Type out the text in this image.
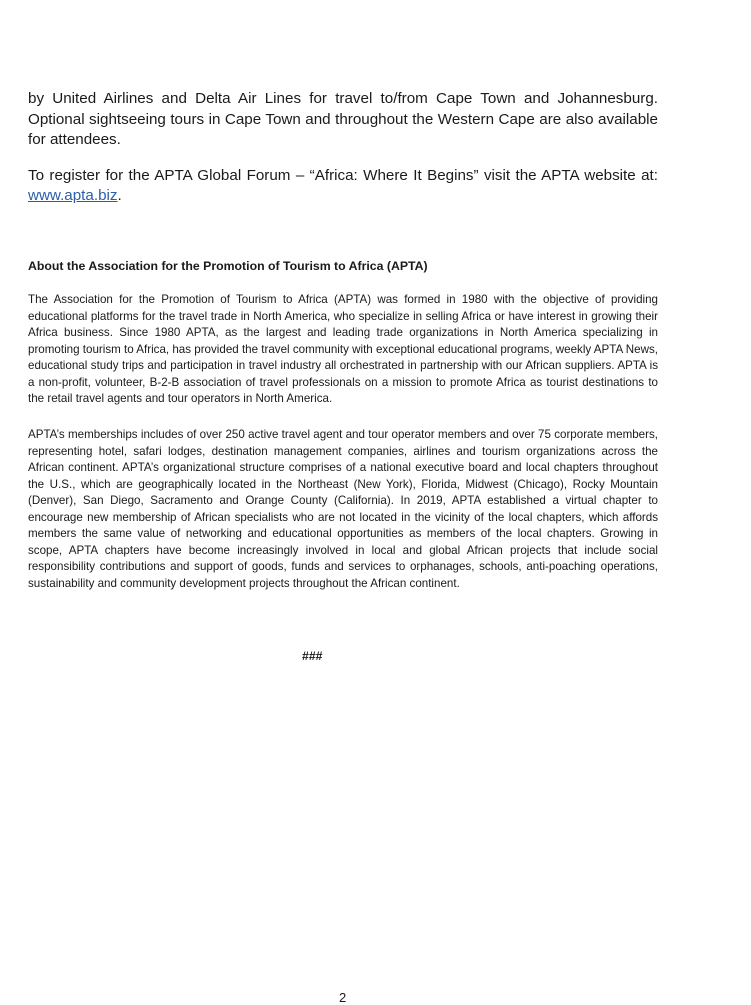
by United Airlines and Delta Air Lines for travel to/from Cape Town and Johannesburg. Optional sightseeing tours in Cape Town and throughout the Western Cape are also available for attendees.

To register for the APTA Global Forum – “Africa: Where It Begins” visit the APTA website at: www.apta.biz.

About the Association for the Promotion of Tourism to Africa (APTA)

The Association for the Promotion of Tourism to Africa (APTA) was formed in 1980 with the objective of providing educational platforms for the travel trade in North America, who specialize in selling Africa or have interest in growing their Africa business. Since 1980 APTA, as the largest and leading trade organizations in North America specializing in promoting tourism to Africa, has provided the travel community with exceptional educational programs, weekly APTA News, educational study trips and participation in travel industry all orchestrated in partnership with our African suppliers. APTA is a non-profit, volunteer, B-2-B association of travel professionals on a mission to promote Africa as tourist destinations to the retail travel agents and tour operators in North America.

APTA’s memberships includes of over 250 active travel agent and tour operator members and over 75 corporate members, representing hotel, safari lodges, destination management companies, airlines and tourism organizations across the African continent. APTA’s organizational structure comprises of a national executive board and local chapters throughout the U.S., which are geographically located in the Northeast (New York), Florida, Midwest (Chicago), Rocky Mountain (Denver), San Diego, Sacramento and Orange County (California). In 2019, APTA established a virtual chapter to encourage new membership of African specialists who are not located in the vicinity of the local chapters, which affords members the same value of networking and educational opportunities as members of the local chapters. Growing in scope, APTA chapters have become increasingly involved in local and global African projects that include social responsibility contributions and support of goods, funds and services to orphanages, schools, anti-poaching operations, sustainability and community development projects throughout the African continent.

###
2
